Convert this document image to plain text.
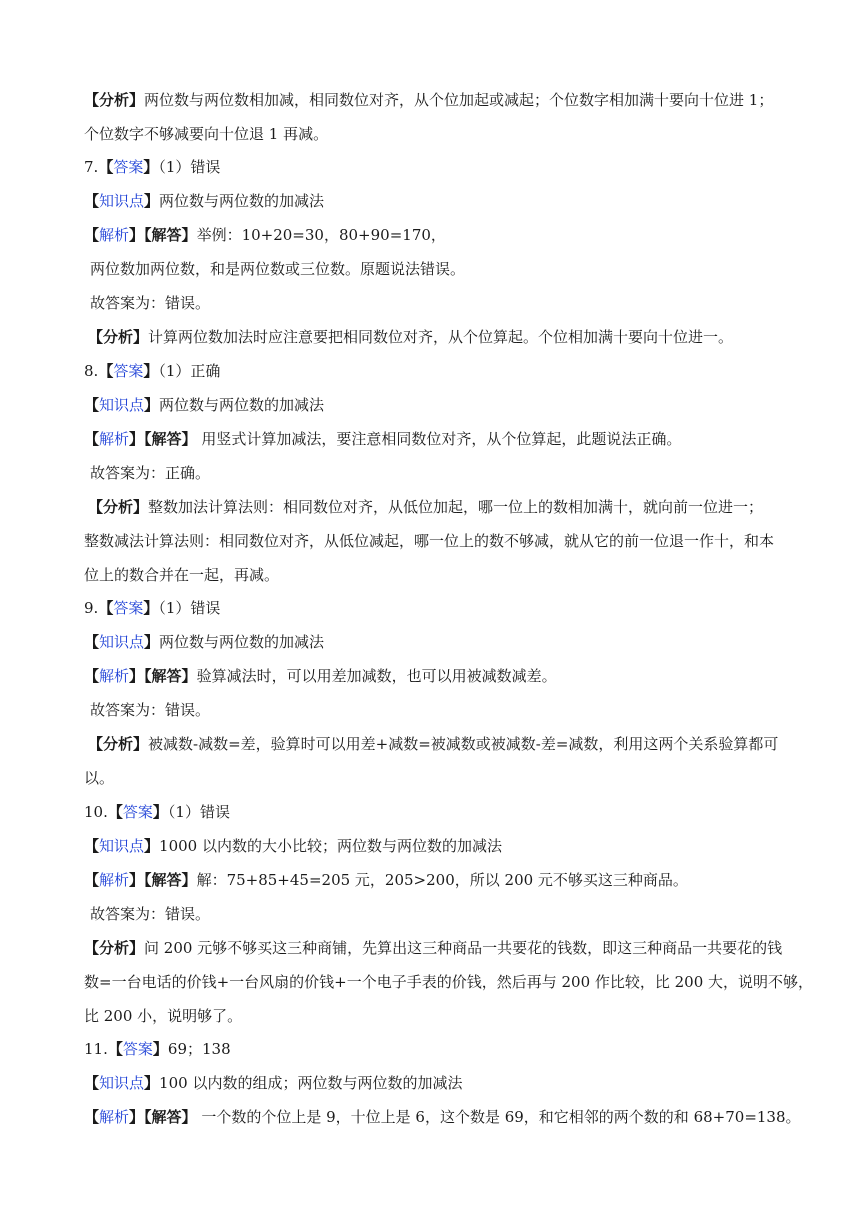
【分析】两位数与两位数相加减，相同数位对齐，从个位加起或减起；个位数字相加满十要向十位进 1；
个位数字不够减要向十位退 1 再减。
7.【答案】（1）错误
【知识点】两位数与两位数的加减法
【解析】【解答】举例：10+20=30，80+90=170，
两位数加两位数，和是两位数或三位数。原题说法错误。
故答案为：错误。
【分析】计算两位数加法时应注意要把相同数位对齐，从个位算起。个位相加满十要向十位进一。
8.【答案】（1）正确
【知识点】两位数与两位数的加减法
【解析】【解答】 用竖式计算加减法，要注意相同数位对齐，从个位算起，此题说法正确。
故答案为：正确。
【分析】整数加法计算法则：相同数位对齐，从低位加起，哪一位上的数相加满十，就向前一位进一；
整数减法计算法则：相同数位对齐，从低位减起，哪一位上的数不够减，就从它的前一位退一作十，和本
位上的数合并在一起，再减。
9.【答案】（1）错误
【知识点】两位数与两位数的加减法
【解析】【解答】验算减法时，可以用差加减数，也可以用被减数减差。
故答案为：错误。
【分析】被减数-减数=差，验算时可以用差+减数=被减数或被减数-差=减数，利用这两个关系验算都可
以。
10.【答案】（1）错误
【知识点】1000 以内数的大小比较；两位数与两位数的加减法
【解析】【解答】解：75+85+45=205 元，205>200，所以 200 元不够买这三种商品。
故答案为：错误。
【分析】问 200 元够不够买这三种商铺，先算出这三种商品一共要花的钱数，即这三种商品一共要花的钱
数=一台电话的价钱+一台风扇的价钱+一个电子手表的价钱，然后再与 200 作比较，比 200 大，说明不够，
比 200 小，说明够了。
11.【答案】69；138
【知识点】100 以内数的组成；两位数与两位数的加减法
【解析】【解答】 一个数的个位上是 9，十位上是 6，这个数是 69，和它相邻的两个数的和 68+70=138。
